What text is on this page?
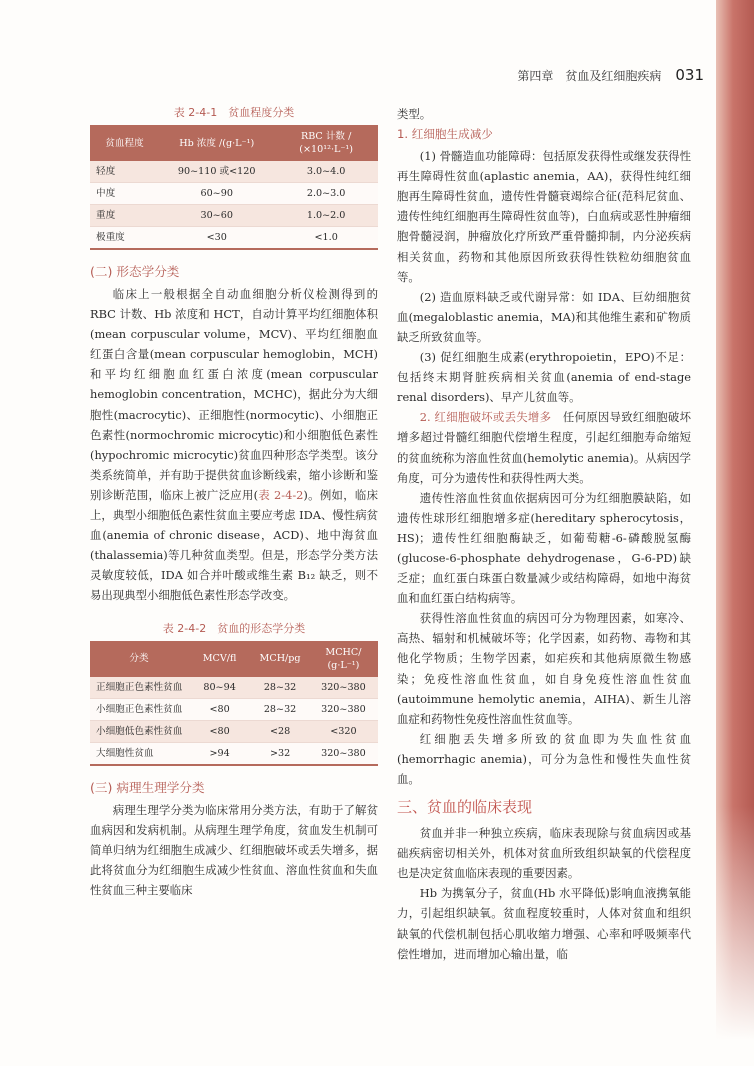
第四章　贫血及红细胞疾病 031
表 2-4-1　贫血程度分类
贫血程度	Hb 浓度 /(g·L⁻¹)	RBC 计数 /
(×10¹²·L⁻¹)
轻度	90~110 或<120	3.0~4.0
中度	60~90	2.0~3.0
重度	30~60	1.0~2.0
极重度	<30	<1.0
(二) 形态学分类

临床上一般根据全自动血细胞分析仪检测得到的 RBC 计数、Hb 浓度和 HCT，自动计算平均红细胞体积(mean corpuscular volume，MCV)、平均红细胞血红蛋白含量(mean corpuscular hemoglobin，MCH)和平均红细胞血红蛋白浓度(mean corpuscular hemoglobin concentration，MCHC)，据此分为大细胞性(macrocytic)、正细胞性(normocytic)、小细胞正色素性(normochromic microcytic)和小细胞低色素性(hypochromic microcytic)贫血四种形态学类型。该分类系统简单，并有助于提供贫血诊断线索，缩小诊断和鉴别诊断范围，临床上被广泛应用(表 2-4-2)。例如，临床上，典型小细胞低色素性贫血主要应考虑 IDA、慢性病贫血(anemia of chronic disease，ACD)、地中海贫血(thalassemia)等几种贫血类型。但是，形态学分类方法灵敏度较低，IDA 如合并叶酸或维生素 B₁₂ 缺乏，则不易出现典型小细胞低色素性形态学改变。

表 2-4-2　贫血的形态学分类
分类	MCV/fl	MCH/pg	MCHC/
(g·L⁻¹)
正细胞正色素性贫血	80~94	28~32	320~380
小细胞正色素性贫血	<80	28~32	320~380
小细胞低色素性贫血	<80	<28	<320
大细胞性贫血	>94	>32	320~380
(三) 病理生理学分类

病理生理学分类为临床常用分类方法，有助于了解贫血病因和发病机制。从病理生理学角度，贫血发生机制可简单归纳为红细胞生成减少、红细胞破坏或丢失增多，据此将贫血分为红细胞生成减少性贫血、溶血性贫血和失血性贫血三种主要临床

类型。

1. 红细胞生成减少

(1) 骨髓造血功能障碍：包括原发获得性或继发获得性再生障碍性贫血(aplastic anemia，AA)，获得性纯红细胞再生障碍性贫血，遗传性骨髓衰竭综合征(范科尼贫血、遗传性纯红细胞再生障碍性贫血等)，白血病或恶性肿瘤细胞骨髓浸润，肿瘤放化疗所致严重骨髓抑制，内分泌疾病相关贫血，药物和其他原因所致获得性铁粒幼细胞贫血等。

(2) 造血原料缺乏或代谢异常：如 IDA、巨幼细胞贫血(megaloblastic anemia，MA)和其他维生素和矿物质缺乏所致贫血等。

(3) 促红细胞生成素(erythropoietin，EPO)不足：包括终末期肾脏疾病相关贫血(anemia of end-stage renal disorders)、早产儿贫血等。

2. 红细胞破坏或丢失增多　 任何原因导致红细胞破坏增多超过骨髓红细胞代偿增生程度，引起红细胞寿命缩短的贫血统称为溶血性贫血(hemolytic anemia)。从病因学角度，可分为遗传性和获得性两大类。

遗传性溶血性贫血依据病因可分为红细胞膜缺陷，如遗传性球形红细胞增多症(hereditary spherocytosis，HS)；遗传性红细胞酶缺乏，如葡萄糖-6-磷酸脱氢酶(glucose-6-phosphate dehydrogenase，G-6-PD)缺乏症；血红蛋白珠蛋白数量减少或结构障碍，如地中海贫血和血红蛋白结构病等。

获得性溶血性贫血的病因可分为物理因素，如寒冷、高热、辐射和机械破坏等；化学因素，如药物、毒物和其他化学物质；生物学因素，如疟疾和其他病原微生物感染；免疫性溶血性贫血，如自身免疫性溶血性贫血(autoimmune hemolytic anemia，AIHA)、新生儿溶血症和药物性免疫性溶血性贫血等。

红细胞丢失增多所致的贫血即为失血性贫血(hemorrhagic anemia)，可分为急性和慢性失血性贫血。

三、贫血的临床表现

贫血并非一种独立疾病，临床表现除与贫血病因或基础疾病密切相关外，机体对贫血所致组织缺氧的代偿程度也是决定贫血临床表现的重要因素。

Hb 为携氧分子，贫血(Hb 水平降低)影响血液携氧能力，引起组织缺氧。贫血程度较重时，人体对贫血和组织缺氧的代偿机制包括心肌收缩力增强、心率和呼吸频率代偿性增加，进而增加心输出量，临
